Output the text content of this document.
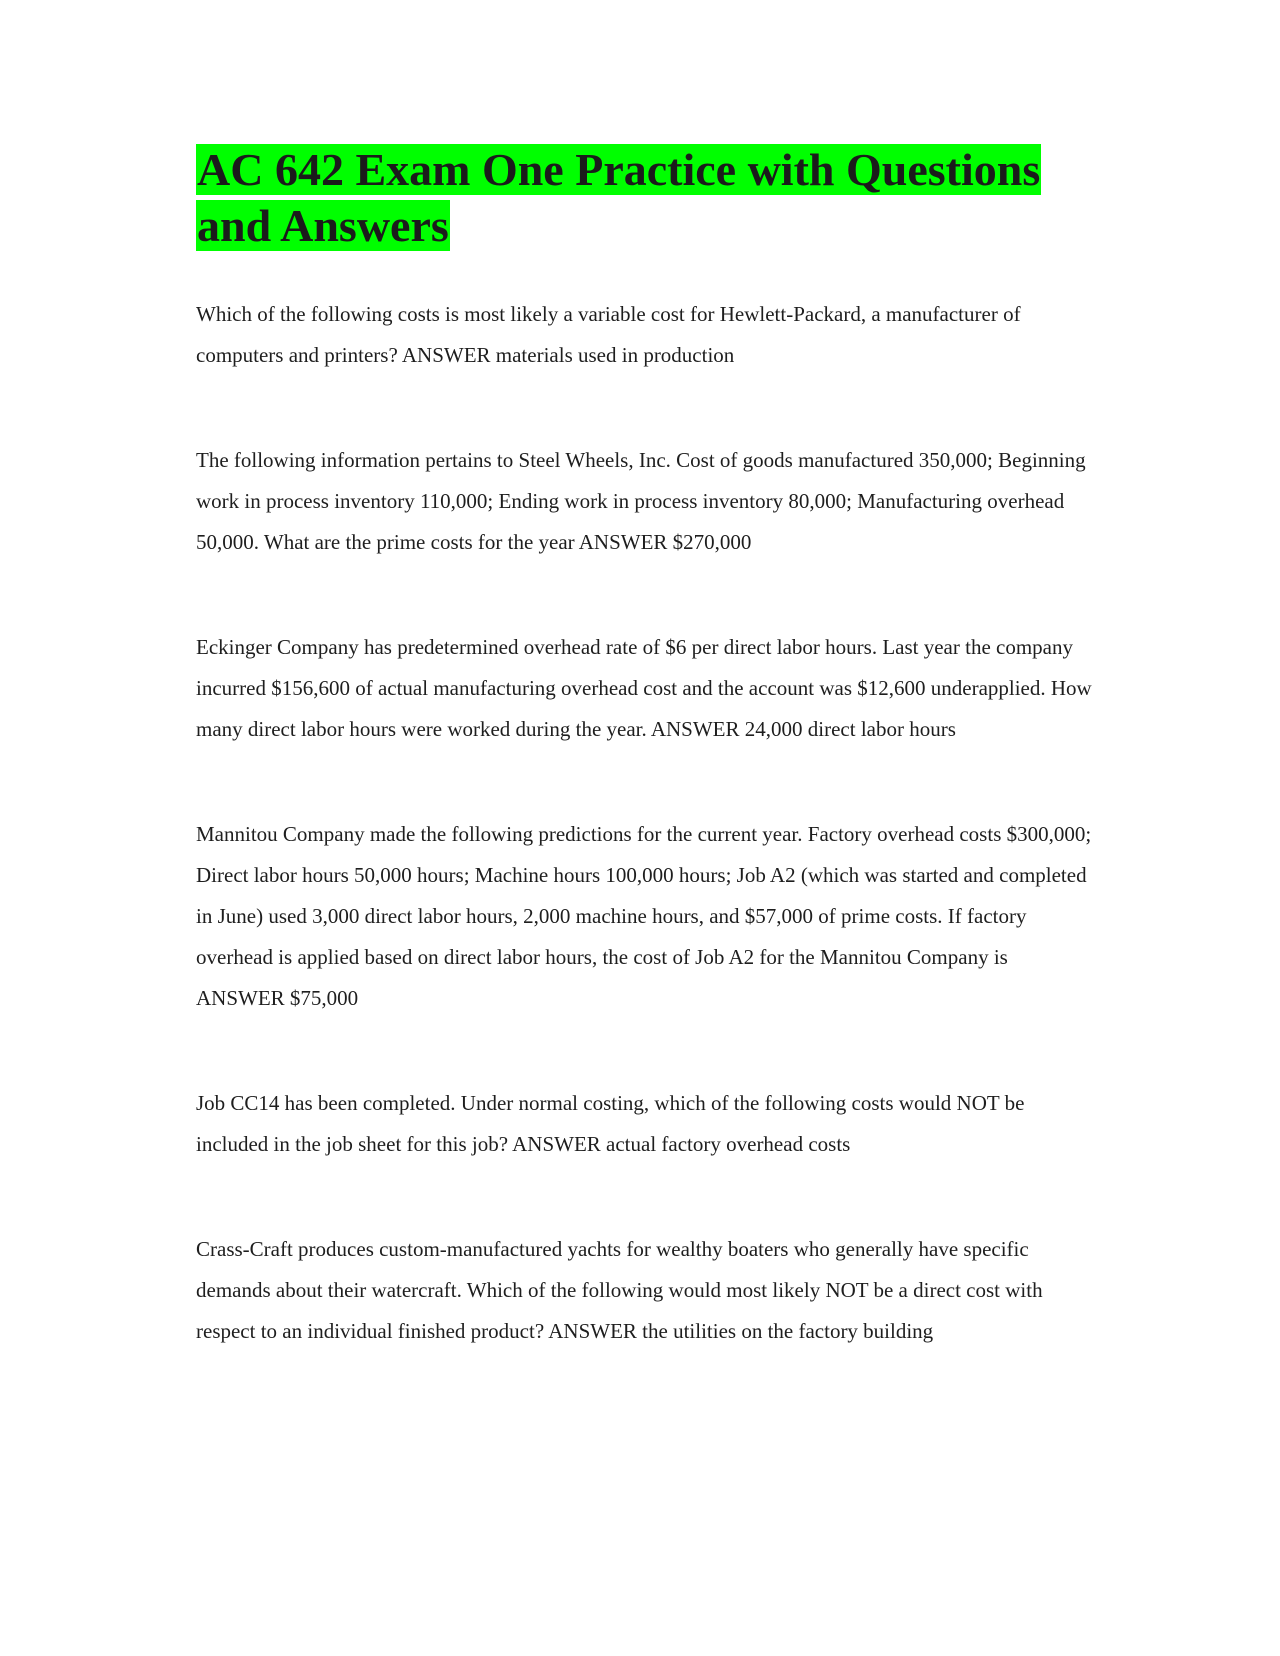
AC 642 Exam One Practice with Questions and Answers

Which of the following costs is most likely a variable cost for Hewlett-Packard, a manufacturer of computers and printers? ANSWER materials used in production

The following information pertains to Steel Wheels, Inc. Cost of goods manufactured 350,000; Beginning work in process inventory 110,000; Ending work in process inventory 80,000; Manufacturing overhead 50,000. What are the prime costs for the year ANSWER $270,000

Eckinger Company has predetermined overhead rate of $6 per direct labor hours. Last year the company incurred $156,600 of actual manufacturing overhead cost and the account was $12,600 underapplied. How many direct labor hours were worked during the year. ANSWER 24,000 direct labor hours

Mannitou Company made the following predictions for the current year. Factory overhead costs $300,000; Direct labor hours 50,000 hours; Machine hours 100,000 hours; Job A2 (which was started and completed in June) used 3,000 direct labor hours, 2,000 machine hours, and $57,000 of prime costs. If factory overhead is applied based on direct labor hours, the cost of Job A2 for the Mannitou Company is ANSWER $75,000

Job CC14 has been completed. Under normal costing, which of the following costs would NOT be included in the job sheet for this job? ANSWER actual factory overhead costs

Crass-Craft produces custom-manufactured yachts for wealthy boaters who generally have specific demands about their watercraft. Which of the following would most likely NOT be a direct cost with respect to an individual finished product? ANSWER the utilities on the factory building
